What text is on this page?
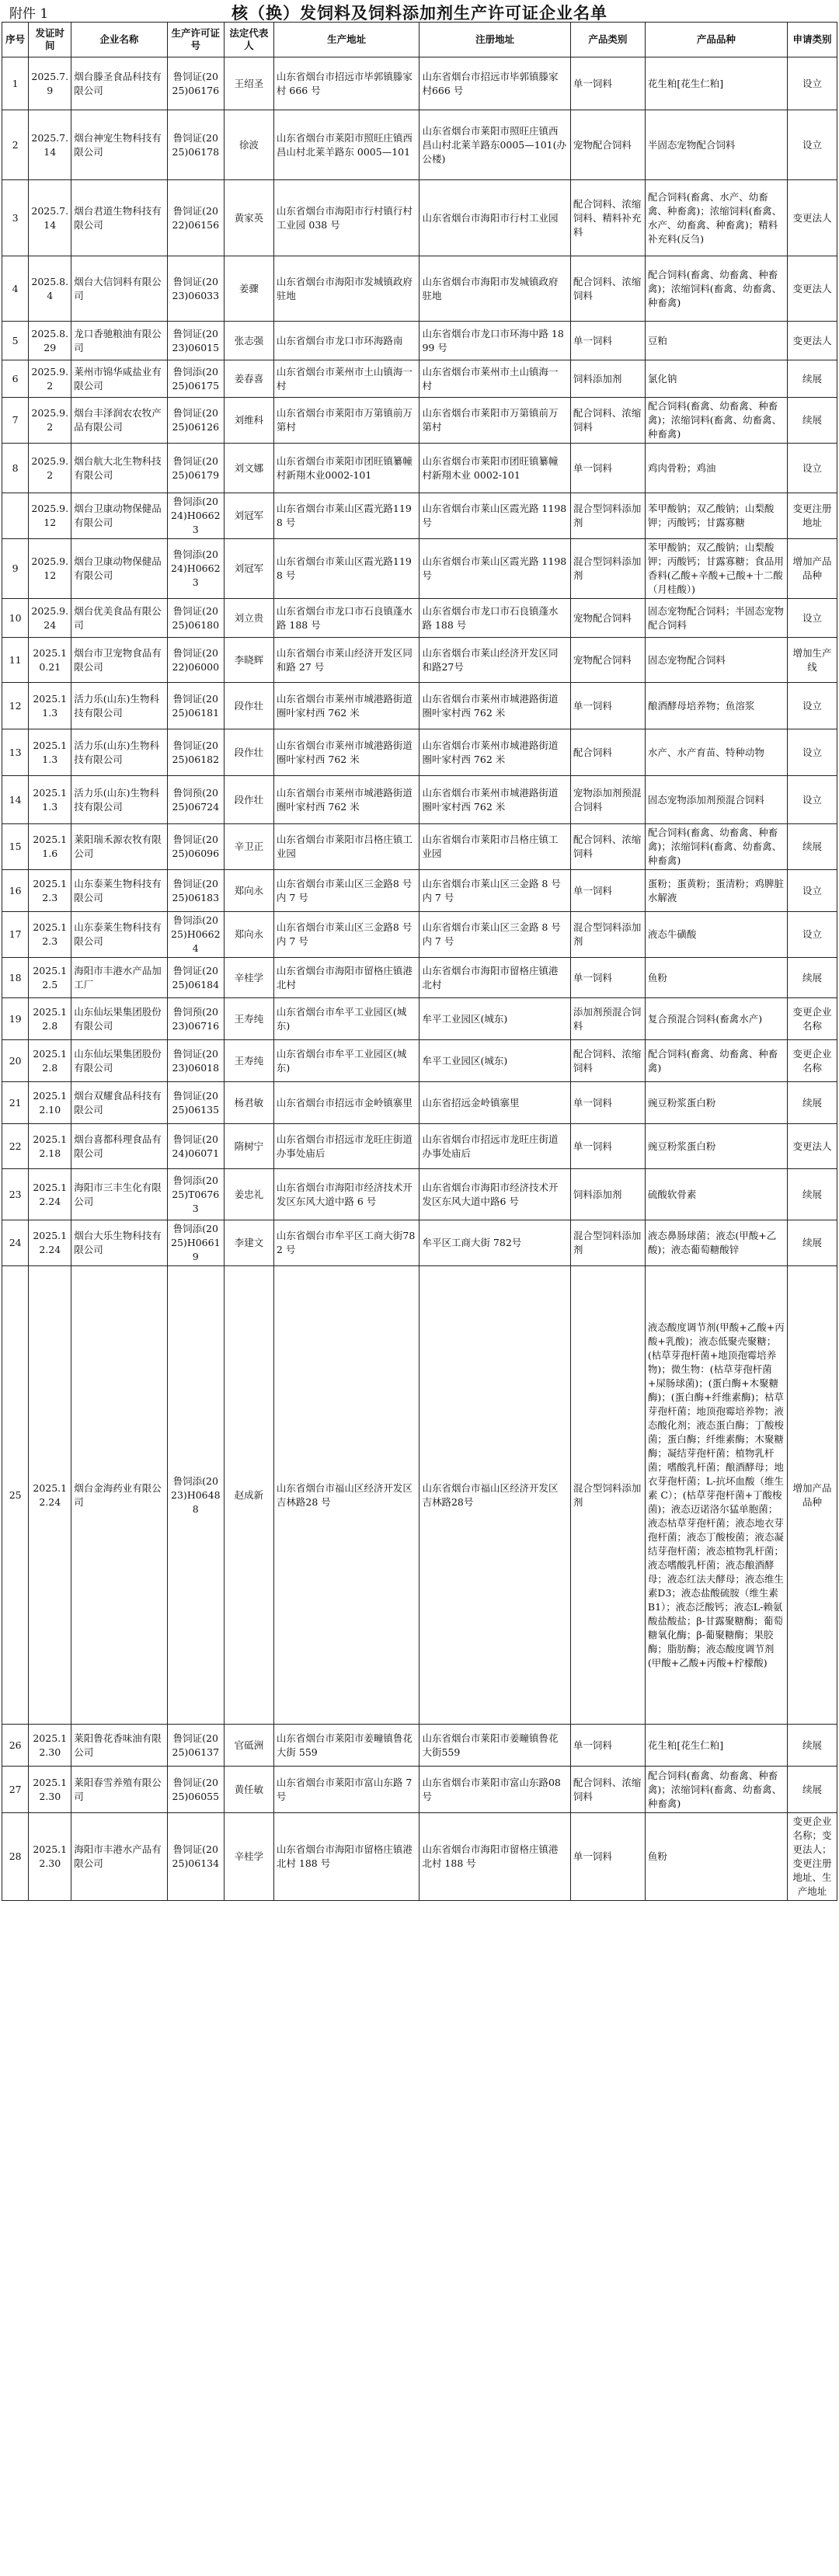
附件 1	核（换）发饲料及饲料添加剂生产许可证企业名单
序号	发证时间	企业名称	生产许可证号	法定代表人	生产地址	注册地址	产品类别	产品品种	申请类别
1	2025.7.9	烟台滕圣食品科技有限公司	鲁饲证(2025)06176	王绍圣	山东省烟台市招远市毕郭镇滕家村 666 号	山东省烟台市招远市毕郭镇滕家村666 号	单一饲料	花生粕[花生仁粕]	设立
2	2025.7.14	烟台神宠生物科技有限公司	鲁饲证(2025)06178	徐波	山东省烟台市莱阳市照旺庄镇西昌山村北莱羊路东 0005—101	山东省烟台市莱阳市照旺庄镇西昌山村北莱羊路东0005—101(办公楼)	宠物配合饲料	半固态宠物配合饲料	设立
3	2025.7.14	烟台君道生物科技有限公司	鲁饲证(2022)06156	黄家英	山东省烟台市海阳市行村镇行村工业园 038 号	山东省烟台市海阳市行村工业园	配合饲料、浓缩饲料、精料补充料	配合饲料(畜禽、水产、幼畜禽、种畜禽)；浓缩饲料(畜禽、水产、幼畜禽、种畜禽)；精料补充料(反刍)	变更法人
4	2025.8.4	烟台大信饲料有限公司	鲁饲证(2023)06033	姜骤	山东省烟台市海阳市发城镇政府驻地	山东省烟台市海阳市发城镇政府驻地	配合饲料、浓缩饲料	配合饲料(畜禽、幼畜禽、种畜禽)；浓缩饲料(畜禽、幼畜禽、种畜禽)	变更法人
5	2025.8.29	龙口香驰粮油有限公司	鲁饲证(2023)06015	张志强	山东省烟台市龙口市环海路南	山东省烟台市龙口市环海中路 1899 号	单一饲料	豆粕	变更法人
6	2025.9.2	莱州市锦华咸盐业有限公司	鲁饲添(2025)06175	姜春喜	山东省烟台市莱州市土山镇海一村	山东省烟台市莱州市土山镇海一村	饲料添加剂	氯化钠	续展
7	2025.9.2	烟台丰泽润农农牧产品有限公司	鲁饲证(2025)06126	刘维科	山东省烟台市莱阳市万第镇前万第村	山东省烟台市莱阳市万第镇前万第村	配合饲料、浓缩饲料	配合饲料(畜禽、幼畜禽、种畜禽)；浓缩饲料(畜禽、幼畜禽、种畜禽)	续展
8	2025.9.2	烟台航大北生物科技有限公司	鲁饲证(2025)06179	刘文娜	山东省烟台市莱阳市团旺镇纂幢村新翔木业0002-101	山东省烟台市莱阳市团旺镇纂幢村新翔木业 0002-101	单一饲料	鸡肉骨粉；鸡油	设立
	2025.9.12	烟台卫康动物保健品有限公司	鲁饲添(2024)H06623	刘冠军	山东省烟台市莱山区霞光路1198 号	山东省烟台市莱山区霞光路 1198 号	混合型饲料添加剂	苯甲酸钠；双乙酸钠；山梨酸钾；丙酸钙；甘露寡糖	变更注册地址
9	2025.9.12	烟台卫康动物保健品有限公司	鲁饲添(2024)H06623	刘冠军	山东省烟台市莱山区霞光路1198 号	山东省烟台市莱山区霞光路 1198 号	混合型饲料添加剂	苯甲酸钠；双乙酸钠；山梨酸钾；丙酸钙；甘露寡糖；食品用香料(乙酸+辛酸+己酸+十二酸（月桂酸）)	增加产品品种
10	2025.9.24	烟台优美食品有限公司	鲁饲证(2025)06180	刘立贵	山东省烟台市龙口市石良镇蓬水路 188 号	山东省烟台市龙口市石良镇蓬水路 188 号	宠物配合饲料	固态宠物配合饲料；半固态宠物配合饲料	设立
11	2025.10.21	烟台市卫宠物食品有限公司	鲁饲证(2022)06000	李晓辉	山东省烟台市莱山经济开发区同和路 27 号	山东省烟台市莱山经济开发区同和路27号	宠物配合饲料	固态宠物配合饲料	增加生产线
12	2025.11.3	活力乐(山东)生物科技有限公司	鲁饲证(2025)06181	段作壮	山东省烟台市莱州市城港路街道圈叶家村西 762 米	山东省烟台市莱州市城港路街道圈叶家村西 762 米	单一饲料	酿酒酵母培养物；鱼溶浆	设立
13	2025.11.3	活力乐(山东)生物科技有限公司	鲁饲证(2025)06182	段作壮	山东省烟台市莱州市城港路街道圈叶家村西 762 米	山东省烟台市莱州市城港路街道圈叶家村西 762 米	配合饲料	水产、水产育苗、特种动物	设立
14	2025.11.3	活力乐(山东)生物科技有限公司	鲁饲预(2025)06724	段作壮	山东省烟台市莱州市城港路街道圈叶家村西 762 米	山东省烟台市莱州市城港路街道圈叶家村西 762 米	宠物添加剂预混合饲料	固态宠物添加剂预混合饲料	设立
15	2025.11.6	莱阳瑞禾源农牧有限公司	鲁饲证(2025)06096	辛卫正	山东省烟台市莱阳市吕格庄镇工业园	山东省烟台市莱阳市吕格庄镇工业园	配合饲料、浓缩饲料	配合饲料(畜禽、幼畜禽、种畜禽)；浓缩饲料(畜禽、幼畜禽、种畜禽)	续展
16	2025.12.3	山东泰莱生物科技有限公司	鲁饲证(2025)06183	郑向永	山东省烟台市莱山区三金路8 号内 7 号	山东省烟台市莱山区三金路 8 号内 7 号	单一饲料	蛋粉；蛋黄粉；蛋清粉；鸡脾脏水解液	设立
17	2025.12.3	山东泰莱生物科技有限公司	鲁饲添(2025)H06624	郑向永	山东省烟台市莱山区三金路8 号内 7 号	山东省烟台市莱山区三金路 8 号内 7 号	混合型饲料添加剂	液态牛磺酸	设立
18	2025.12.5	海阳市丰港水产品加工厂	鲁饲证(2025)06184	辛桂学	山东省烟台市海阳市留格庄镇港北村	山东省烟台市海阳市留格庄镇港北村	单一饲料	鱼粉	续展
19	2025.12.8	山东仙坛果集团股份有限公司	鲁饲预(2023)06716	王寿纯	山东省烟台市牟平工业园区(城东)	牟平工业园区(城东)	添加剂预混合饲料	复合预混合饲料(畜禽水产)	变更企业名称
20	2025.12.8	山东仙坛果集团股份有限公司	鲁饲证(2023)06018	王寿纯	山东省烟台市牟平工业园区(城东)	牟平工业园区(城东)	配合饲料、浓缩饲料	配合饲料(畜禽、幼畜禽、种畜禽)	变更企业名称
21	2025.12.10	烟台双耀食品科技有限公司	鲁饲证(2025)06135	杨君敏	山东省烟台市招远市金岭镇寨里	山东省招远金岭镇寨里	单一饲料	豌豆粉浆蛋白粉	续展
22	2025.12.18	烟台喜都科理食品有限公司	鲁饲证(2024)06071	隋树宁	山东省烟台市招远市龙旺庄街道办事处庙后	山东省烟台市招远市龙旺庄街道办事处庙后	单一饲料	豌豆粉浆蛋白粉	变更法人
23	2025.12.24	海阳市三丰生化有限公司	鲁饲添(2025)T06763	姜忠礼	山东省烟台市海阳市经济技术开发区东风大道中路 6 号	山东省烟台市海阳市经济技术开发区东风大道中路6 号	饲料添加剂	硫酸软骨素	续展
24	2025.12.24	烟台大乐生物科技有限公司	鲁饲添(2025)H06619	李建文	山东省烟台市牟平区工商大街782 号	牟平区工商大街 782号	混合型饲料添加剂	液态鼻肠球菌；液态(甲酸+乙酸)；液态葡萄糖酸锌	续展
25	2025.12.24	烟台金海药业有限公司	鲁饲添(2023)H06488	赵成新	山东省烟台市福山区经济开发区吉林路28 号	山东省烟台市福山区经济开发区吉林路28号	混合型饲料添加剂	液态酸度调节剂(甲酸+乙酸+丙酸+乳酸)；液态低聚壳聚糖；(枯草芽孢杆菌+地顶孢霉培养物)；微生物：(枯草芽孢杆菌+屎肠球菌)；(蛋白酶+木聚糖酶)；(蛋白酶+纤维素酶)；枯草芽孢杆菌；地顶孢霉培养物；液态酸化剂；液态蛋白酶；丁酸梭菌；蛋白酶；纤维素酶；木聚糖酶；凝结芽孢杆菌；植物乳杆菌；嗜酸乳杆菌；酿酒酵母；地衣芽孢杆菌；L-抗坏血酸（维生素 C）；(枯草芽孢杆菌+丁酸梭菌)；液态迈诺洛尔猛单胞菌；液态枯草芽孢杆菌；液态地衣芽孢杆菌；液态丁酸梭菌；液态凝结芽孢杆菌；液态植物乳杆菌；液态嗜酸乳杆菌；液态酿酒酵母；液态红法夫酵母；液态维生素D3；液态盐酸硫胺（维生素B1）；液态泛酸钙；液态L-赖氨酸盐酸盐；β-甘露聚糖酶；葡萄糖氧化酶；β-葡聚糖酶；果胶酶；脂肪酶；液态酸度调节剂(甲酸+乙酸+丙酸+柠檬酸)	增加产品品种
26	2025.12.30	莱阳鲁花香味油有限公司	鲁饲证(2025)06137	官砥洲	山东省烟台市莱阳市姜疃镇鲁花大街 559	山东省烟台市莱阳市姜疃镇鲁花大街559	单一饲料	花生粕[花生仁粕]	续展
27	2025.12.30	莱阳春雪养殖有限公司	鲁饲证(2025)06055	黄任敏	山东省烟台市莱阳市富山东路 7号	山东省烟台市莱阳市富山东路08 号	配合饲料、浓缩饲料	配合饲料(畜禽、幼畜禽、种畜禽)；浓缩饲料(畜禽、幼畜禽、种畜禽)	续展
28	2025.12.30	海阳市丰港水产品有限公司	鲁饲证(2025)06134	辛桂学	山东省烟台市海阳市留格庄镇港北村 188 号	山东省烟台市海阳市留格庄镇港北村 188 号	单一饲料	鱼粉	变更企业名称；变更法人；变更注册地址、生产地址
